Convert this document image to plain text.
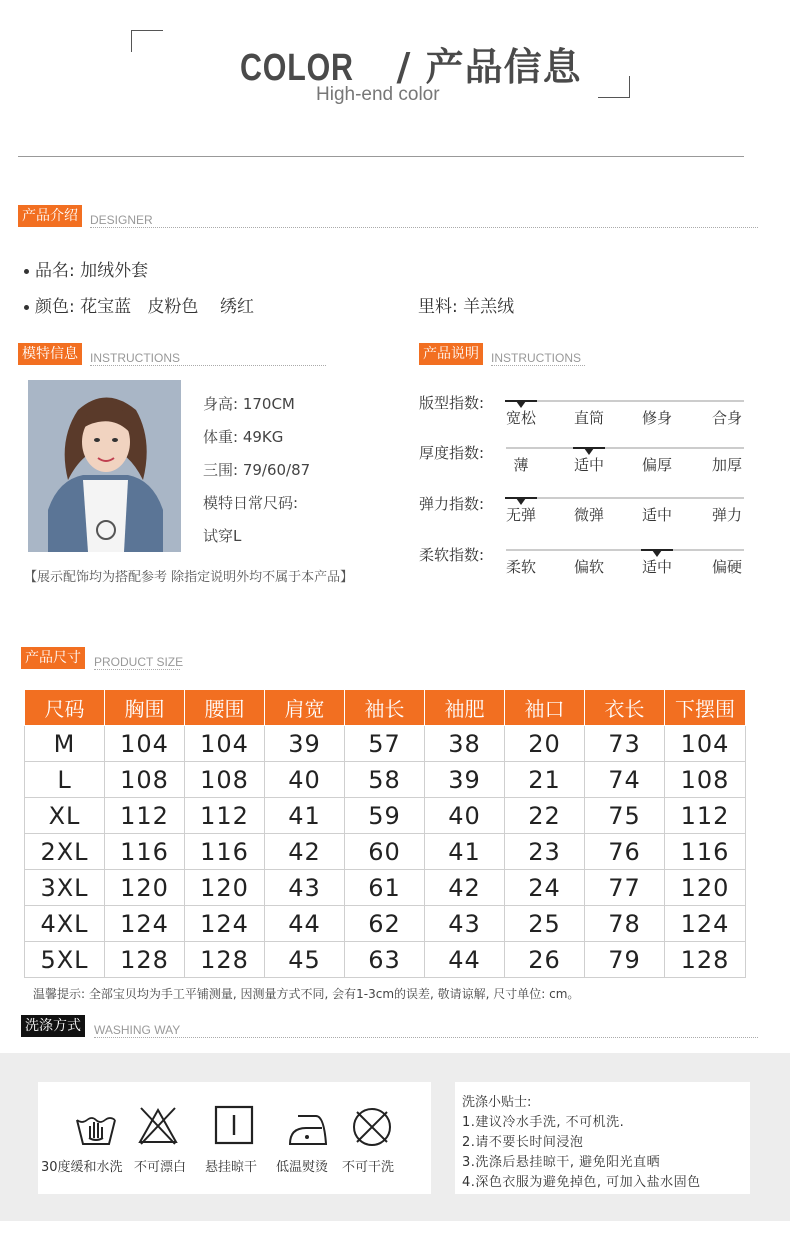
COLOR / 产品信息
High-end color
产品介绍	DESIGNER
品名: 加绒外套
颜色: 花宝蓝   皮粉色    绣红	里料: 羊羔绒
模特信息	INSTRUCTIONS
身高: 170CM
体重: 49KG
三围: 79/60/87
模特日常尺码:
试穿L
【展示配饰均为搭配参考 除指定说明外均不属于本产品】
产品说明	INSTRUCTIONS
版型指数:
宽松	直筒	修身	合身
厚度指数:
薄	适中	偏厚	加厚
弹力指数:
无弹	微弹	适中	弹力
柔软指数:
柔软	偏软	适中	偏硬
产品尺寸	PRODUCT SIZE
尺码	胸围	腰围	肩宽	袖长	袖肥	袖口	衣长	下摆围
M	104	104	39	57	38	20	73	104
L	108	108	40	58	39	21	74	108
XL	112	112	41	59	40	22	75	112
2XL	116	116	42	60	41	23	76	116
3XL	120	120	43	61	42	24	77	120
4XL	124	124	44	62	43	25	78	124
5XL	128	128	45	63	44	26	79	128
温馨提示: 全部宝贝均为手工平铺测量, 因测量方式不同, 会有1-3cm的误差, 敬请谅解, 尺寸单位: cm。
洗涤方式	WASHING WAY
30度缓和水洗 不可漂白 悬挂晾干 低温熨烫 不可干洗
洗涤小贴士:
1.建议冷水手洗, 不可机洗.
2.请不要长时间浸泡
3.洗涤后悬挂晾干, 避免阳光直晒
4.深色衣服为避免掉色, 可加入盐水固色
